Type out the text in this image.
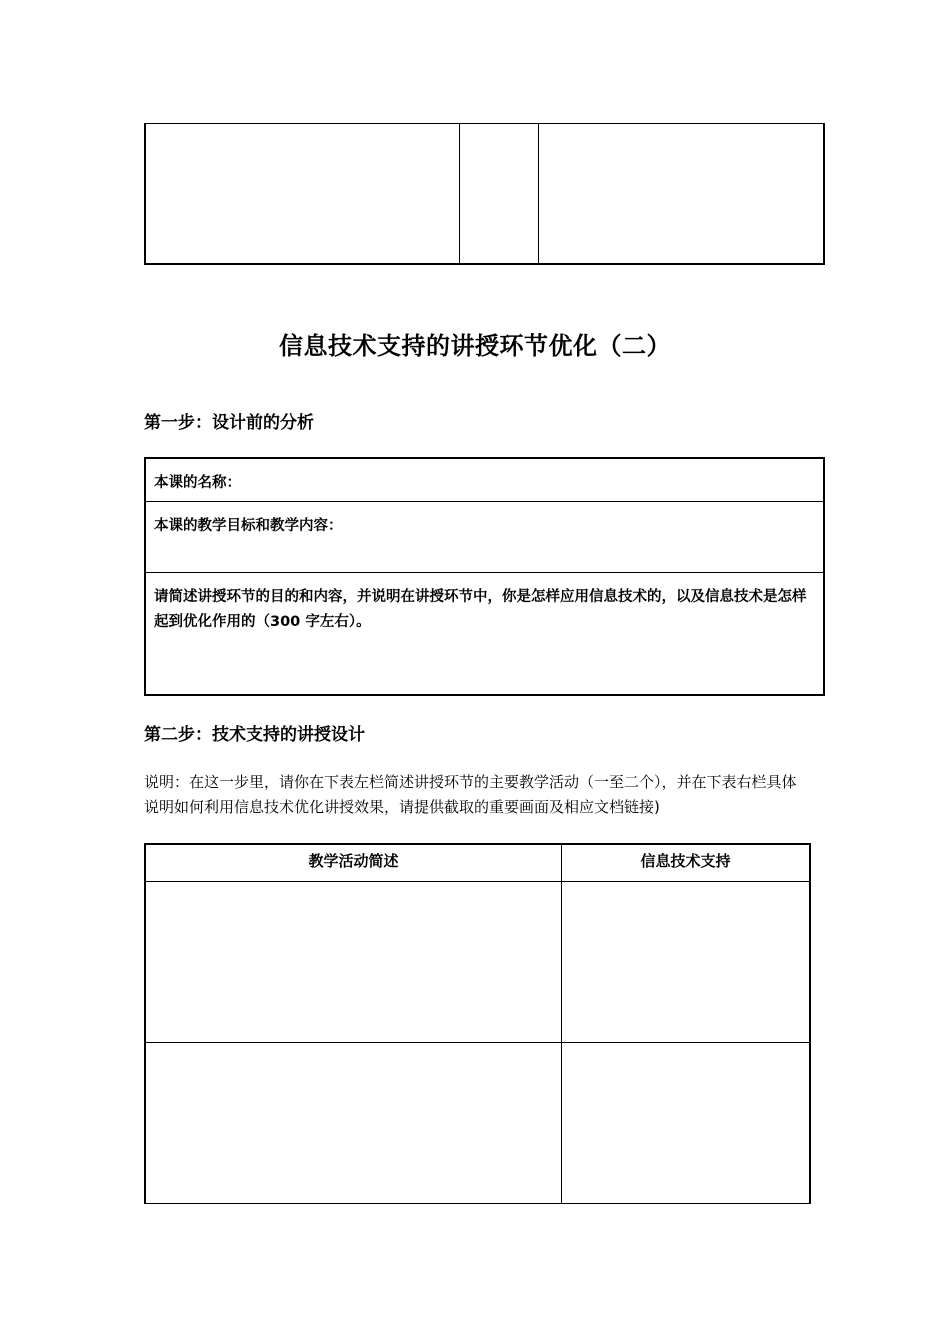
信息技术支持的讲授环节优化（二）
第一步：设计前的分析
本课的名称：
本课的教学目标和教学内容：
请简述讲授环节的目的和内容，并说明在讲授环节中，你是怎样应用信息技术的，以及信息技术是怎样起到优化作用的（300 字左右）。
第二步：技术支持的讲授设计
说明：在这一步里，请你在下表左栏简述讲授环节的主要教学活动（一至二个），并在下表右栏具体说明如何利用信息技术优化讲授效果，请提供截取的重要画面及相应文档链接)
教学活动简述	信息技术支持
